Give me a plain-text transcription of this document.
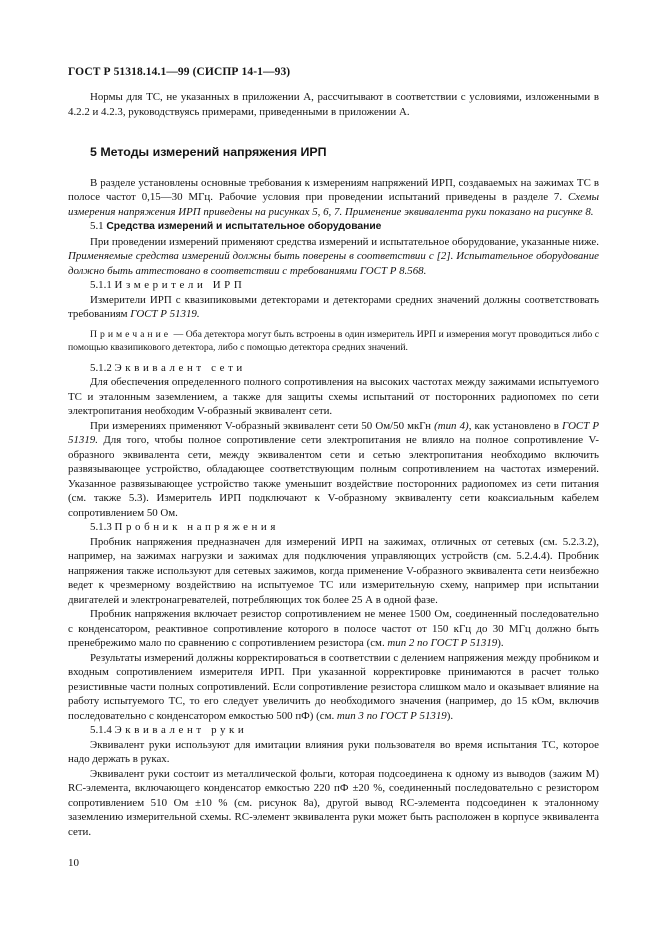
ГОСТ Р 51318.14.1—99 (СИСПР 14-1—93)

Нормы для ТС, не указанных в приложении А, рассчитывают в соответствии с условиями, изложенными в 4.2.2 и 4.2.3, руководствуясь примерами, приведенными в приложении А.

5 Методы измерений напряжения ИРП

В разделе установлены основные требования к измерениям напряжений ИРП, создаваемых на зажимах ТС в полосе частот 0,15—30 МГц. Рабочие условия при проведении испытаний приведены в разделе 7. Схемы измерения напряжения ИРП приведены на рисунках 5, 6, 7. Применение эквивалента руки показано на рисунке 8.

5.1 Средства измерений и испытательное оборудование

При проведении измерений применяют средства измерений и испытательное оборудование, указанные ниже. Применяемые средства измерений должны быть поверены в соответствии с [2]. Испытательное оборудование должно быть аттестовано в соответствии с требованиями ГОСТ Р 8.568.

5.1.1 Измерители ИРП

Измерители ИРП с квазипиковыми детекторами и детекторами средних значений должны соответствовать требованиям ГОСТ Р 51319.

Примечание — Оба детектора могут быть встроены в один измеритель ИРП и измерения могут проводиться либо с помощью квазипикового детектора, либо с помощью детектора средних значений.

5.1.2 Эквивалент сети

Для обеспечения определенного полного сопротивления на высоких частотах между зажимами испытуемого ТС и эталонным заземлением, а также для защиты схемы испытаний от посторонних радиопомех по сети электропитания необходим V-образный эквивалент сети.

При измерениях применяют V-образный эквивалент сети 50 Ом/50 мкГн (тип 4), как установлено в ГОСТ Р 51319. Для того, чтобы полное сопротивление сети электропитания не влияло на полное сопротивление V-образного эквивалента сети, между эквивалентом сети и сетью электропитания необходимо включить развязывающее устройство, обладающее соответствующим полным сопротивлением на частотах измерений. Указанное развязывающее устройство также уменьшит воздействие посторонних радиопомех из сети питания (см. также 5.3). Измеритель ИРП подключают к V-образному эквиваленту сети коаксиальным кабелем сопротивлением 50 Ом.

5.1.3 Пробник напряжения

Пробник напряжения предназначен для измерений ИРП на зажимах, отличных от сетевых (см. 5.2.3.2), например, на зажимах нагрузки и зажимах для подключения управляющих устройств (см. 5.2.4.4). Пробник напряжения также используют для сетевых зажимов, когда применение V-образного эквивалента сети неизбежно ведет к чрезмерному воздействию на испытуемое ТС или измерительную схему, например при испытании двигателей и электронагревателей, потребляющих ток более 25 А в одной фазе.

Пробник напряжения включает резистор сопротивлением не менее 1500 Ом, соединенный последовательно с конденсатором, реактивное сопротивление которого в полосе частот от 150 кГц до 30 МГц должно быть пренебрежимо мало по сравнению с сопротивлением резистора (см. тип 2 по ГОСТ Р 51319).

Результаты измерений должны корректироваться в соответствии с делением напряжения между пробником и входным сопротивлением измерителя ИРП. При указанной корректировке принимаются в расчет только резистивные части полных сопротивлений. Если сопротивление резистора слишком мало и оказывает влияние на работу испытуемого ТС, то его следует увеличить до необходимого значения (например, до 15 кОм, включив последовательно с конденсатором емкостью 500 пФ) (см. тип 3 по ГОСТ Р 51319).

5.1.4 Эквивалент руки

Эквивалент руки используют для имитации влияния руки пользователя во время испытания ТС, которое надо держать в руках.

Эквивалент руки состоит из металлической фольги, которая подсоединена к одному из выводов (зажим М) RC-элемента, включающего конденсатор емкостью 220 пФ ±20 %, соединенный последовательно с резистором сопротивлением 510 Ом ±10 % (см. рисунок 8а), другой вывод RC-элемента подсоединен к эталонному заземлению измерительной схемы. RC-элемент эквивалента руки может быть расположен в корпусе эквивалента сети.

10
